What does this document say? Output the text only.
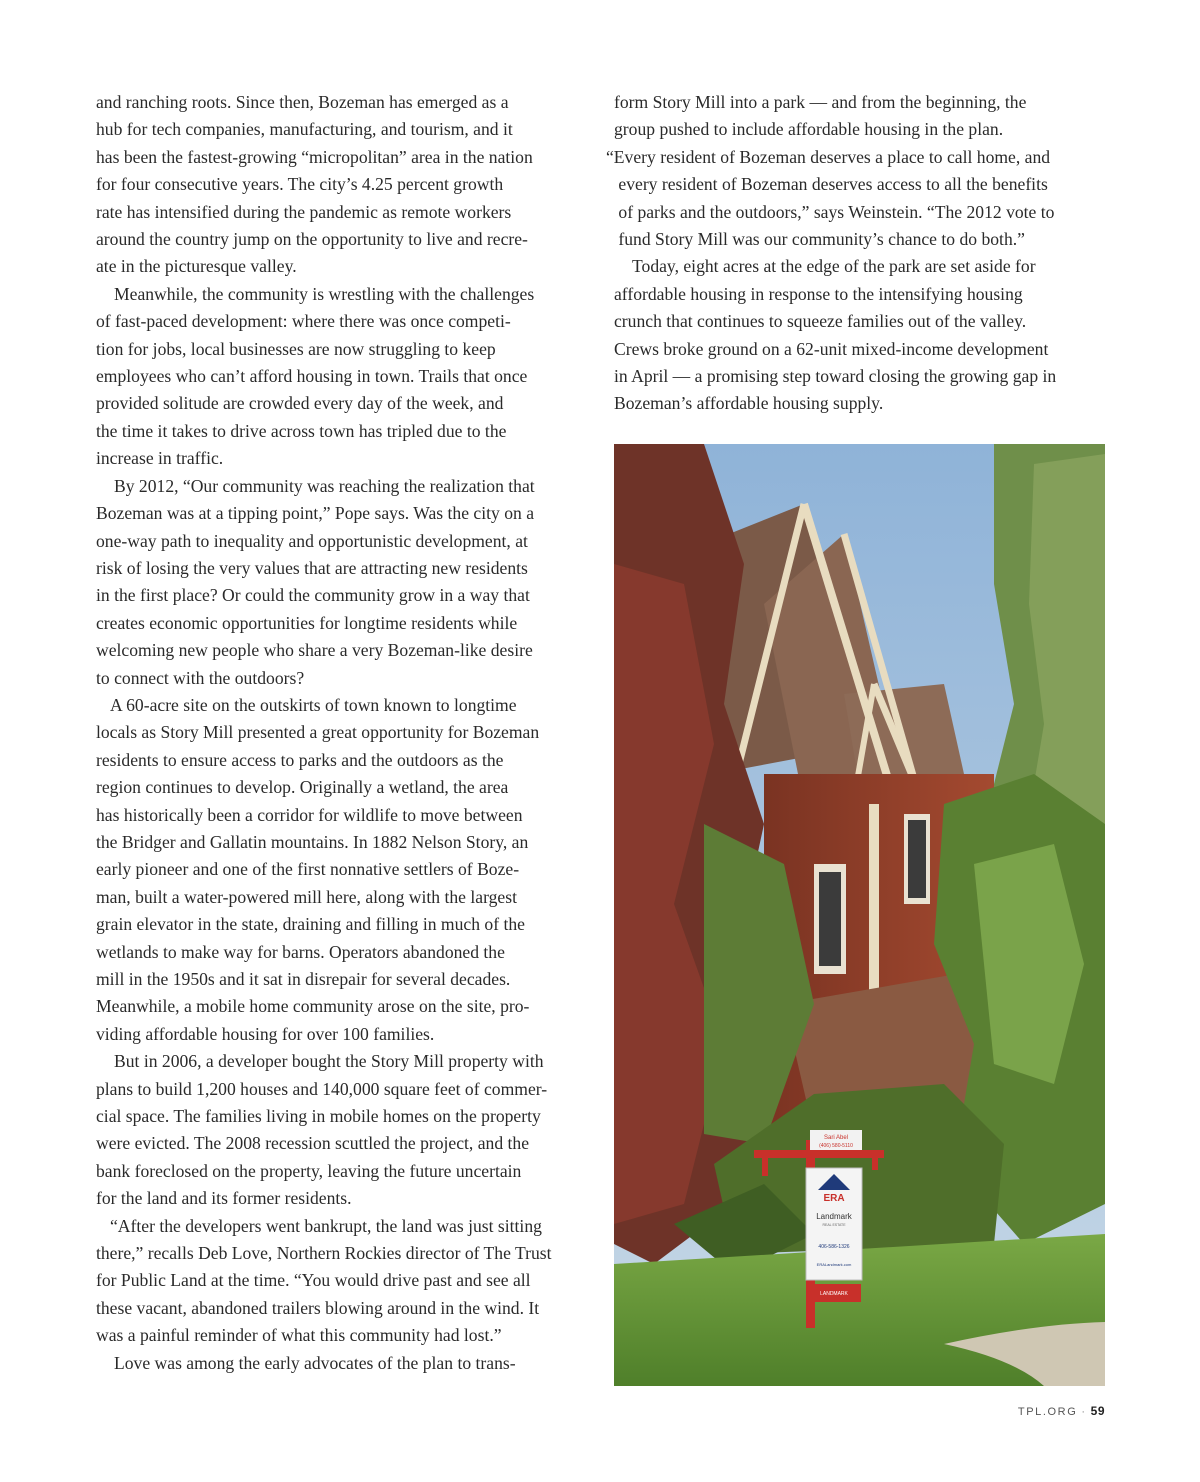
and ranching roots. Since then, Bozeman has emerged as a
hub for tech companies, manufacturing, and tourism, and it
has been the fastest-growing “micropolitan” area in the nation
for four consecutive years. The city’s 4.25 percent growth
rate has intensified during the pandemic as remote workers
around the country jump on the opportunity to live and recre-
ate in the picturesque valley.
Meanwhile, the community is wrestling with the challenges
of fast-paced development: where there was once competi-
tion for jobs, local businesses are now struggling to keep
employees who can’t afford housing in town. Trails that once
provided solitude are crowded every day of the week, and
the time it takes to drive across town has tripled due to the
increase in traffic.
By 2012, “Our community was reaching the realization that
Bozeman was at a tipping point,” Pope says. Was the city on a
one-way path to inequality and opportunistic development, at
risk of losing the very values that are attracting new residents
in the first place? Or could the community grow in a way that
creates economic opportunities for longtime residents while
welcoming new people who share a very Bozeman-like desire
to connect with the outdoors?
A 60-acre site on the outskirts of town known to longtime
locals as Story Mill presented a great opportunity for Bozeman
residents to ensure access to parks and the outdoors as the
region continues to develop. Originally a wetland, the area
has historically been a corridor for wildlife to move between
the Bridger and Gallatin mountains. In 1882 Nelson Story, an
early pioneer and one of the first nonnative settlers of Boze-
man, built a water-powered mill here, along with the largest
grain elevator in the state, draining and filling in much of the
wetlands to make way for barns. Operators abandoned the
mill in the 1950s and it sat in disrepair for several decades.
Meanwhile, a mobile home community arose on the site, pro-
viding affordable housing for over 100 families.
But in 2006, a developer bought the Story Mill property with
plans to build 1,200 houses and 140,000 square feet of commer-
cial space. The families living in mobile homes on the property
were evicted. The 2008 recession scuttled the project, and the
bank foreclosed on the property, leaving the future uncertain
for the land and its former residents.
“After the developers went bankrupt, the land was just sitting
there,” recalls Deb Love, Northern Rockies director of The Trust
for Public Land at the time. “You would drive past and see all
these vacant, abandoned trailers blowing around in the wind. It
was a painful reminder of what this community had lost.”
Love was among the early advocates of the plan to trans-
form Story Mill into a park — and from the beginning, the
group pushed to include affordable housing in the plan.
“Every resident of Bozeman deserves a place to call home, and
every resident of Bozeman deserves access to all the benefits
of parks and the outdoors,” says Weinstein. “The 2012 vote to
fund Story Mill was our community’s chance to do both.”
Today, eight acres at the edge of the park are set aside for
affordable housing in response to the intensifying housing
crunch that continues to squeeze families out of the valley.
Crews broke ground on a 62-unit mixed-income development
in April — a promising step toward closing the growing gap in
Bozeman’s affordable housing supply.
Sari Abel
(406) 580-5110
ERA
Landmark
REAL ESTATE
406-586-1326
ERALandmark.com
LANDMARK
TPL.ORG · 59
